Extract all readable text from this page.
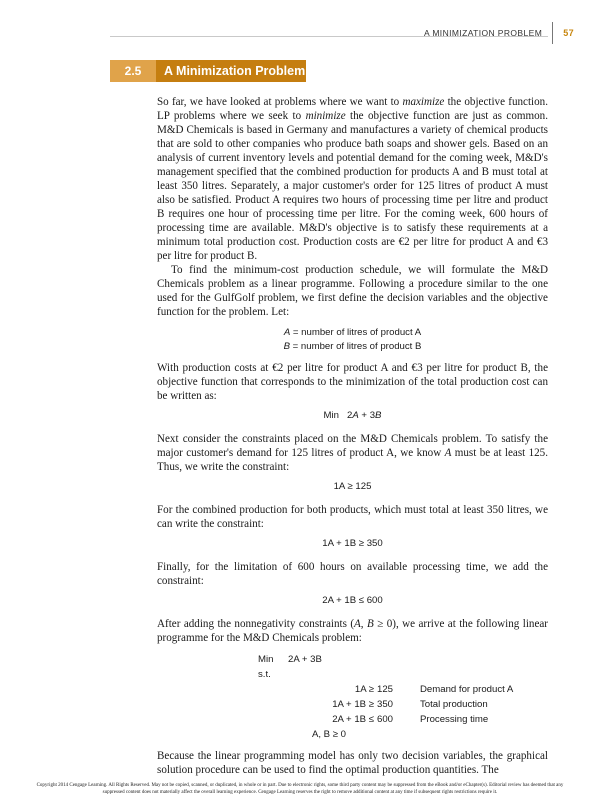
A MINIMIZATION PROBLEM 57
2.5	A Minimization Problem

So far, we have looked at problems where we want to maximize the objective function. LP problems where we seek to minimize the objective function are just as common. M&D Chemicals is based in Germany and manufactures a variety of chemical products that are sold to other companies who produce bath soaps and shower gels. Based on an analysis of current inventory levels and potential demand for the coming week, M&D's management specified that the combined production for products A and B must total at least 350 litres. Separately, a major customer's order for 125 litres of product A must also be satisfied. Product A requires two hours of processing time per litre and product B requires one hour of processing time per litre. For the coming week, 600 hours of processing time are available. M&D's objective is to satisfy these requirements at a minimum total production cost. Production costs are €2 per litre for product A and €3 per litre for product B.

To find the minimum-cost production schedule, we will formulate the M&D Chemicals problem as a linear programme. Following a procedure similar to the one used for the GulfGolf problem, we first define the decision variables and the objective function for the problem. Let:

A = number of litres of product A
B = number of litres of product B

With production costs at €2 per litre for product A and €3 per litre for product B, the objective function that corresponds to the minimization of the total production cost can be written as:

Min 2A + 3B

Next consider the constraints placed on the M&D Chemicals problem. To satisfy the major customer's demand for 125 litres of product A, we know A must be at least 125. Thus, we write the constraint:

1A ≥ 125

For the combined production for both products, which must total at least 350 litres, we can write the constraint:

1A + 1B ≥ 350

Finally, for the limitation of 600 hours on available processing time, we add the constraint:

2A + 1B ≤ 600

After adding the nonnegativity constraints (A, B ≥ 0), we arrive at the following linear programme for the M&D Chemicals problem:

Min	2A + 3B
s.t.
1A ≥ 125	Demand for product A
1A + 1B ≥ 350	Total production
2A + 1B ≤ 600	Processing time
A, B ≥ 0

Because the linear programming model has only two decision variables, the graphical solution procedure can be used to find the optimal production quantities. The

Copyright 2014 Cengage Learning. All Rights Reserved. May not be copied, scanned, or duplicated, in whole or in part. Due to electronic rights, some third party content may be suppressed from the eBook and/or eChapter(s). Editorial review has deemed that any suppressed content does not materially affect the overall learning experience. Cengage Learning reserves the right to remove additional content at any time if subsequent rights restrictions require it.
